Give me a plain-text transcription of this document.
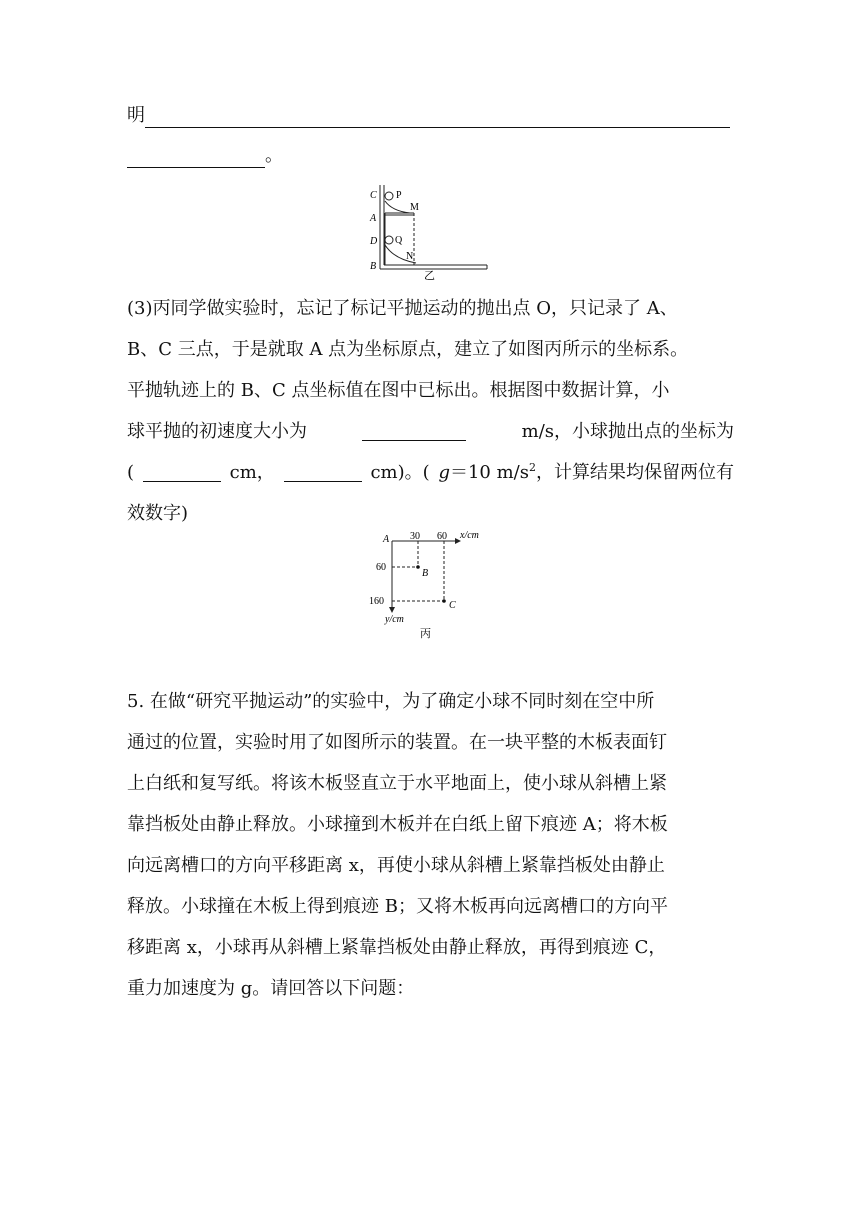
明
。
C P
M
A
D Q
N
B
乙
(3)丙同学做实验时，忘记了标记平抛运动的抛出点 O，只记录了 A、
B、C 三点，于是就取 A 点为坐标原点，建立了如图丙所示的坐标系。
平抛轨迹上的 B、C 点坐标值在图中已标出。根据图中数据计算，小
球平抛的初速度大小为	m/s，小球抛出点的坐标为
(	cm，	cm)。( g＝10 $m/s^2$，计算结果均保留两位有
效数字)
A 30 60 x/cm
60
160
y/cm
B
C
丙
5. 在做“研究平抛运动”的实验中，为了确定小球不同时刻在空中所
通过的位置，实验时用了如图所示的装置。在一块平整的木板表面钉
上白纸和复写纸。将该木板竖直立于水平地面上，使小球从斜槽上紧
靠挡板处由静止释放。小球撞到木板并在白纸上留下痕迹 A；将木板
向远离槽口的方向平移距离 x，再使小球从斜槽上紧靠挡板处由静止
释放。小球撞在木板上得到痕迹 B；又将木板再向远离槽口的方向平
移距离 x，小球再从斜槽上紧靠挡板处由静止释放，再得到痕迹 C，
重力加速度为 g。请回答以下问题：
